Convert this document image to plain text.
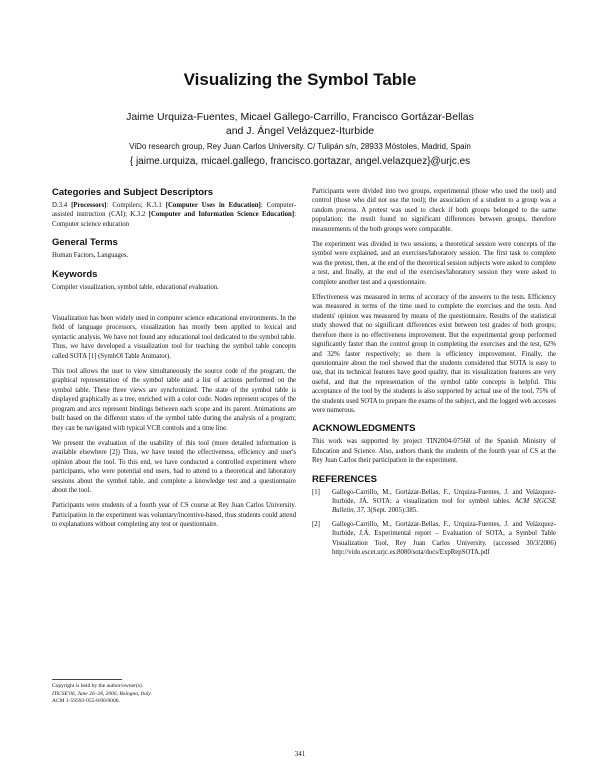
Visualizing the Symbol Table
Jaime Urquiza-Fuentes, Micael Gallego-Carrillo, Francisco Gortázar-Bellas
and J. Ángel Velázquez-Iturbide
ViDo research group, Rey Juan Carlos University. C/ Tulipán s/n, 28933 Móstoles, Madrid, Spain
{ jaime.urquiza, micael.gallego, francisco.gortazar, angel.velazquez}@urjc.es
Categories and Subject Descriptors

D.3.4 [Processors]: Compilers; K.3.1 [Computer Uses in Education]: Computer-assisted instruction (CAI); K.3.2 [Computer and Information Science Education]: Computer science education

General Terms

Human Factors, Languages.

Keywords

Compiler visualization, symbol table, educational evaluation.

Visualization has been widely used in computer science educational environments. In the field of language processors, visualization has mostly been applied to lexical and syntactic analysis. We have not found any educational tool dedicated to the symbol table. Thus, we have developed a visualization tool for teaching the symbol table concepts called SOTA [1] (SymbOl Table Animator).

This tool allows the user to view simultaneously the source code of the program, the graphical representation of the symbol table and a list of actions performed on the symbol table. These three views are synchronized. The state of the symbol table is displayed graphically as a tree, enriched with a color code. Nodes represent scopes of the program and arcs represent bindings between each scope and its parent. Animations are built based on the different states of the symbol table during the analysis of a program; they can be navigated with typical VCR controls and a time line.

We present the evaluation of the usability of this tool (more detailed information is available elsewhere [2]) Thus, we have tested the effectiveness, efficiency and user's opinion about the tool. To this end, we have conducted a controlled experiment where participants, who were potential end users, had to attend to a theoretical and laboratory sessions about the symbol table, and complete a knowledge test and a questionnaire about the tool.

Participants were students of a fourth year of CS course at Rey Juan Carlos University. Participation in the experiment was voluntary/incentive-based, thus students could attend to explanations without completing any test or questionnaire.

Copyright is held by the author/owner(s).
ITiCSE'06, June 26–28, 2006, Bologna, Italy.
ACM 1-59593-055-8/06/0006.

Participants were divided into two groups, experimental (those who used the tool) and control (those who did not use the tool); the association of a student to a group was a random process. A pretest was used to check if both groups belonged to the same population; the result found no significant differences between groups, therefore measurements of the both groups were comparable.

The experiment was divided in two sessions, a theoretical session were concepts of the symbol were explained, and an exercises/laboratory session. The first task to complete was the pretest, then, at the end of the theoretical session subjects were asked to complete a test, and finally, at the end of the exercises/laboratory session they were asked to complete another test and a questionnaire.

Effectiveness was measured in terms of accuracy of the answers to the tests. Efficiency was measured in terms of the time used to complete the exercises and the tests. And students' opinion was measured by means of the questionnaire. Results of the statistical study showed that no significant differences exist between test grades of both groups; therefore there is no effectiveness improvement. But the experimental group performed significantly faster than the control group in completing the exercises and the test, 62% and 32% faster respectively; so there is efficiency improvement. Finally, the questionnaire about the tool showed that the students considered that SOTA is easy to use, that its technical features have good quality, that its visualization features are very useful, and that the representation of the symbol table concepts is helpful. This acceptance of the tool by the students is also supported by actual use of the tool, 75% of the students used SOTA to prepare the exams of the subject, and the logged web accesses were numerous.

ACKNOWLEDGMENTS

This work was supported by project TIN2004-07568 of the Spanish Ministry of Education and Science. Also, authors thank the students of the fourth year of CS at the Rey Juan Carlos their participation in the experiment.

REFERENCES
[1] Gallego-Carrillo, M., Gortázar-Bellas, F., Urquiza-Fuentes, J. and Velázquez-Iturbide, JÁ. SOTA: a visualization tool for symbol tables. ACM SIGCSE Bulletin, 37, 3(Sept. 2005):385.
[2] Gallego-Carrillo, M., Gortázar-Bellas, F., Urquiza-Fuentes, J. and Velázquez-Iturbide, J.Á. Experimental report – Evaluation of SOTA, a Symbol Table Visualization Tool, Rey Juan Carlos University. (accessed 30/3/2006) http://vido.escet.urjc.es:8080/sota/docs/ExpRepSOTA.pdf
341
